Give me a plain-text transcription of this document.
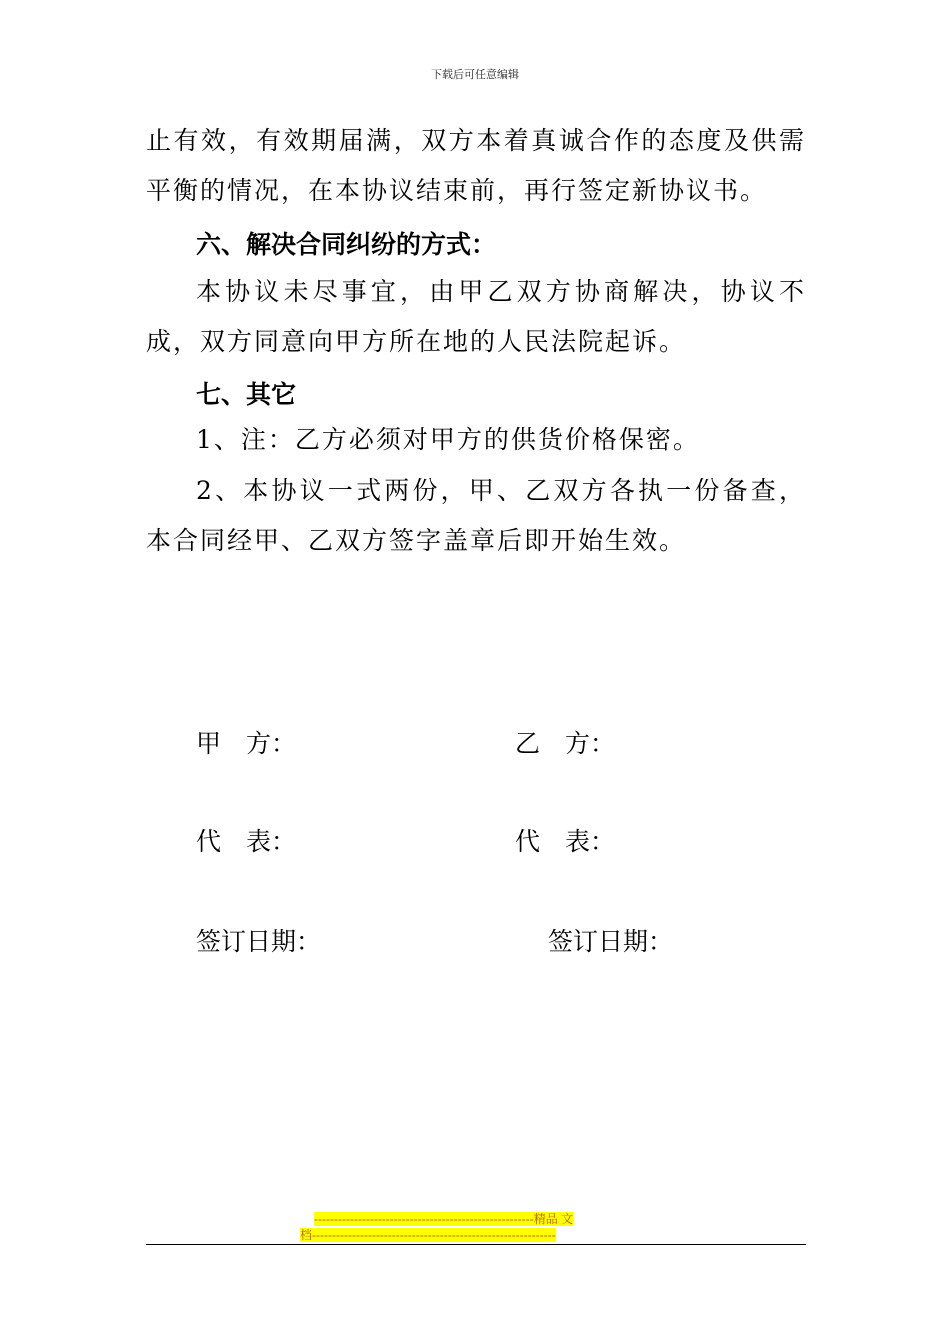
下载后可任意编辑

止有效，有效期届满，双方本着真诚合作的态度及供需平衡的情况，在本协议结束前，再行签定新协议书。

六、解决合同纠纷的方式：

本协议未尽事宜，由甲乙双方协商解决，协议不成，双方同意向甲方所在地的人民法院起诉。

七、其它

1、注：乙方必须对甲方的供货价格保密。

2、本协议一式两份，甲、乙双方各执一份备查，本合同经甲、乙双方签字盖章后即开始生效。

甲　方：	乙　方：

代　表：	代　表：

签订日期：	签订日期：

-------------------------------------------------------精品 文
档-------------------------------------------------------------
